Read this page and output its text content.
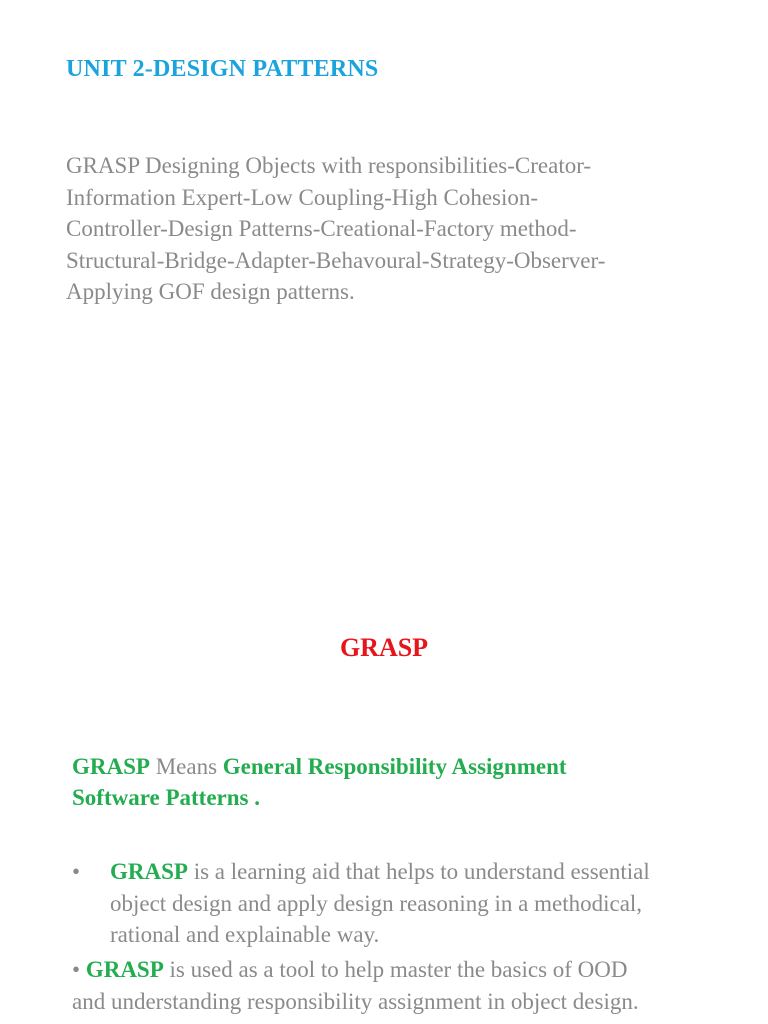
UNIT 2-DESIGN PATTERNS
GRASP Designing Objects with responsibilities-Creator-
Information Expert-Low Coupling-High Cohesion-
Controller-Design Patterns-Creational-Factory method-
Structural-Bridge-Adapter-Behavoural-Strategy-Observer-
Applying GOF design patterns.
GRASP
GRASP Means General Responsibility Assignment
Software Patterns .
• GRASP is a learning aid that helps to understand essential
object design and apply design reasoning in a methodical,
rational and explainable way.
• GRASP is used as a tool to help master the basics of OOD
and understanding responsibility assignment in object design.
